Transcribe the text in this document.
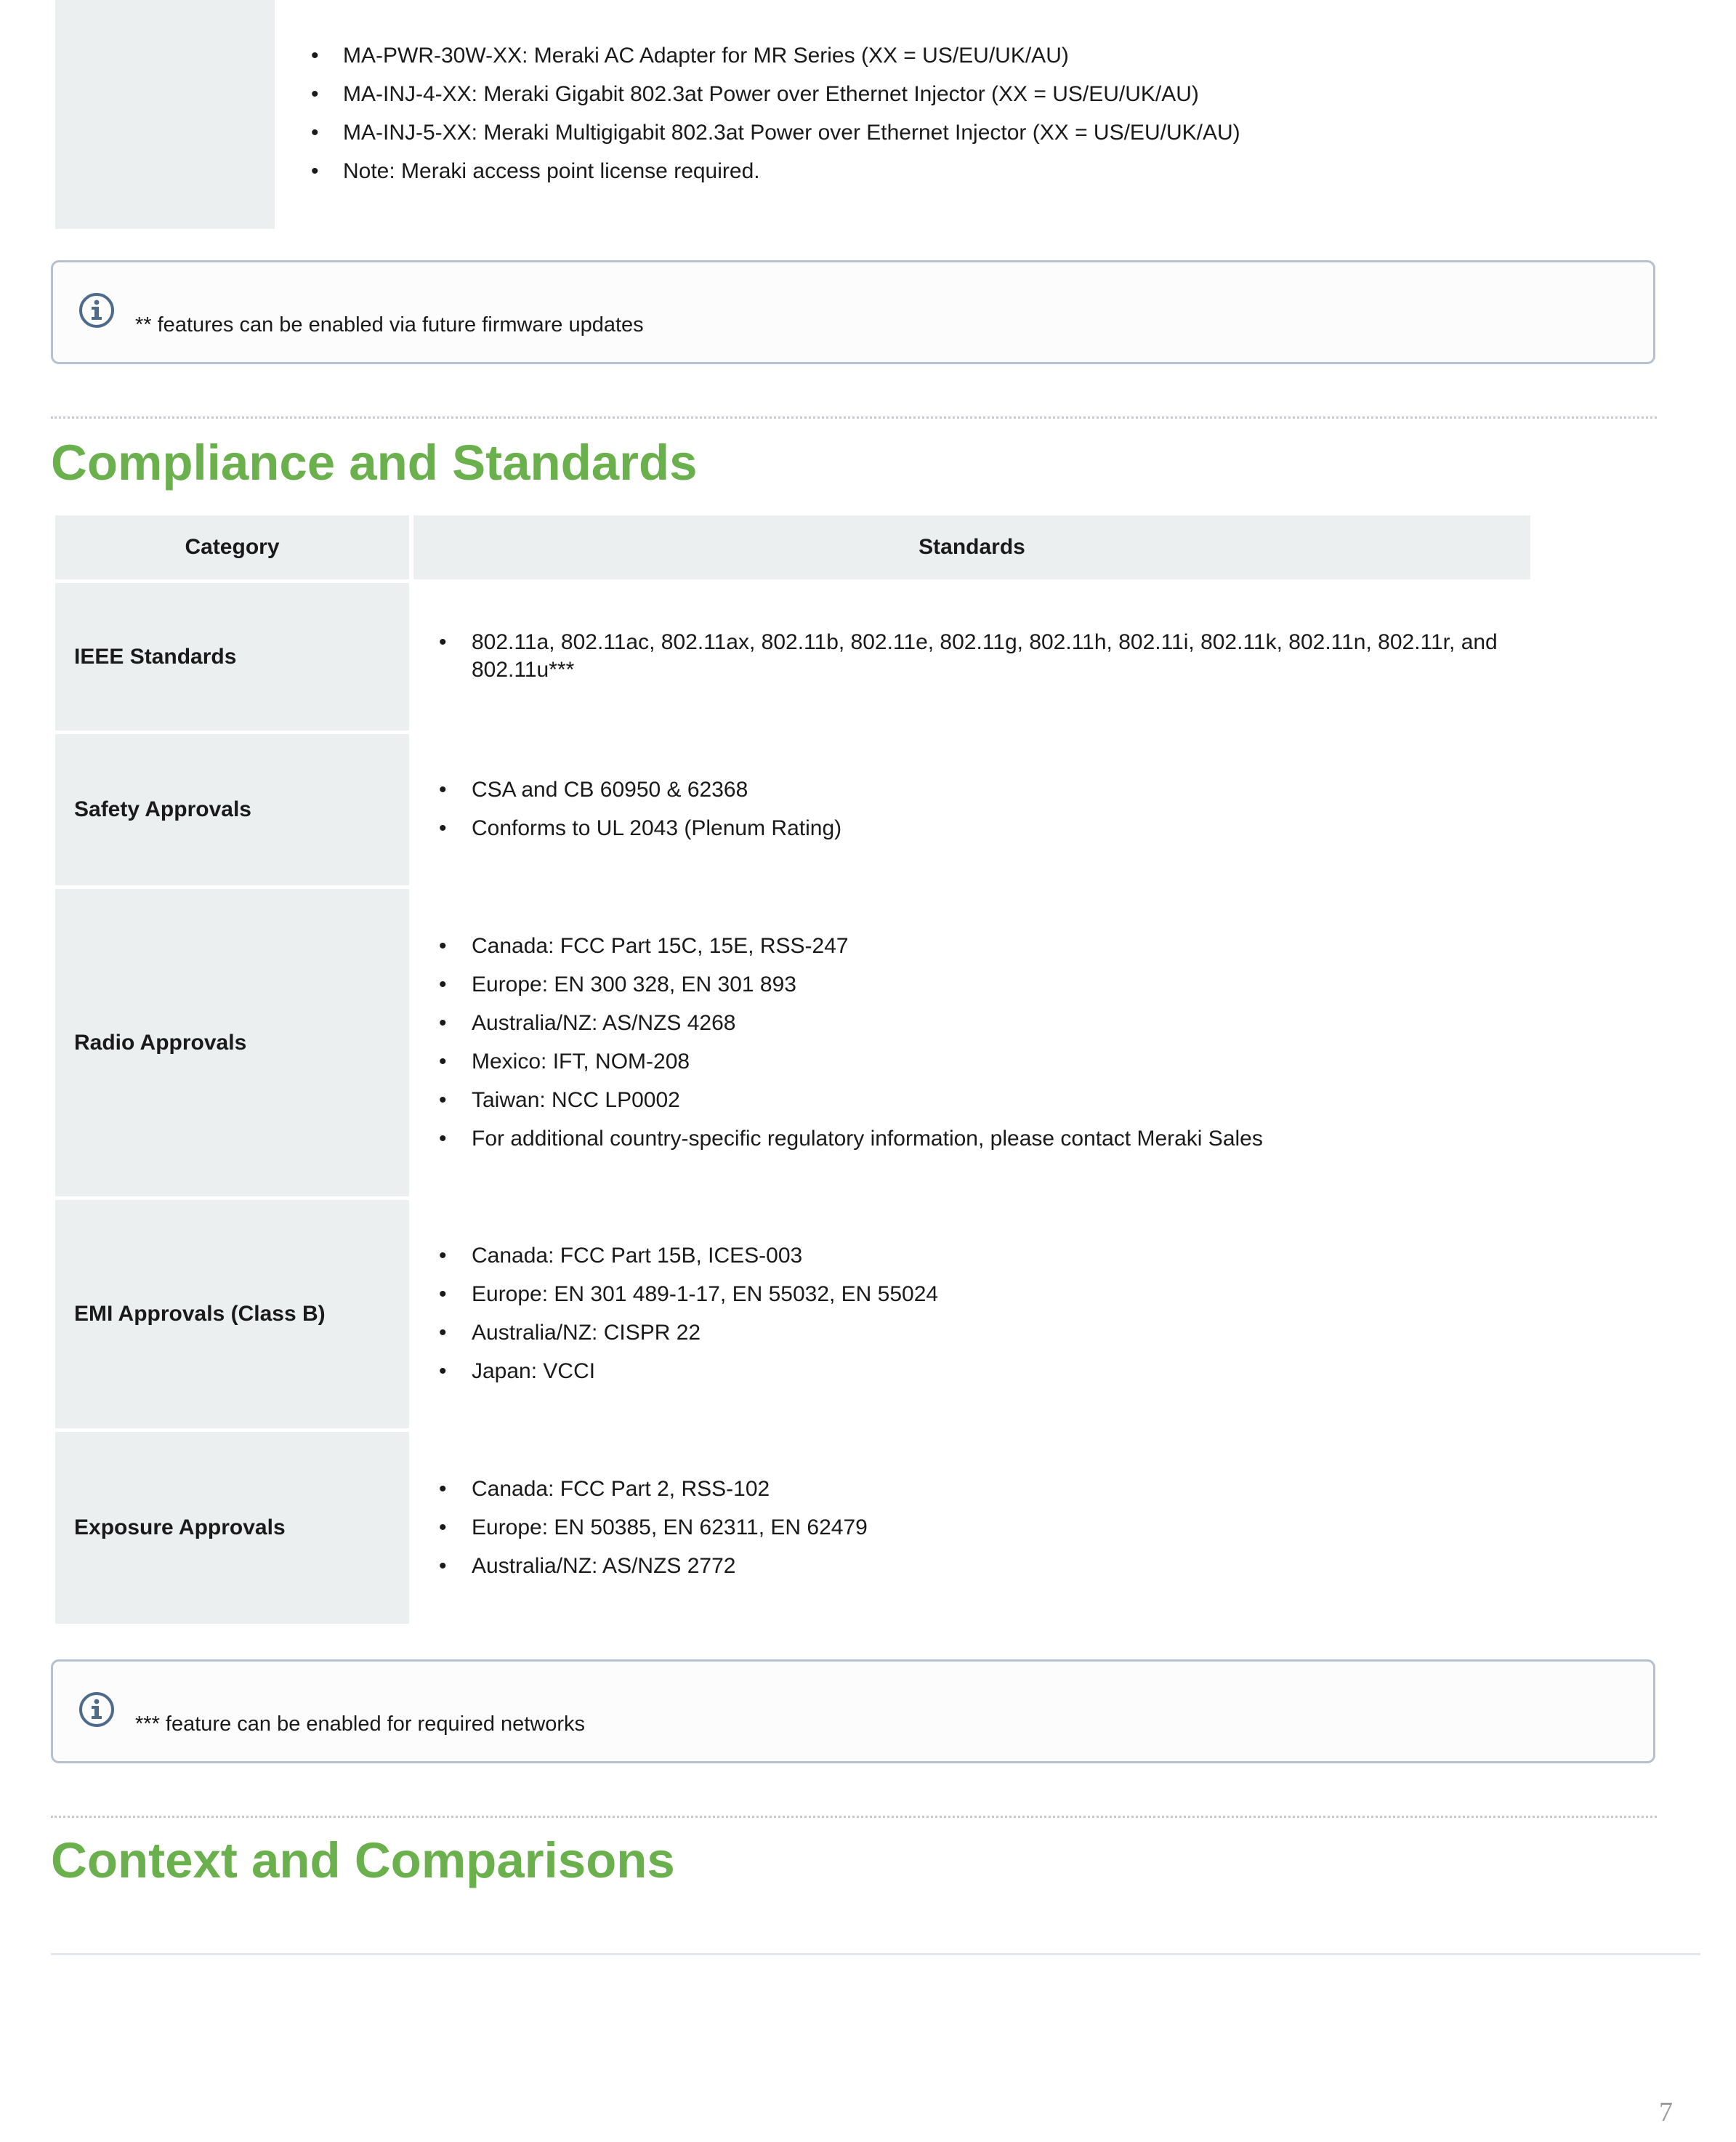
• MA-PWR-30W-XX: Meraki AC Adapter for MR Series (XX = US/EU/UK/AU)
• MA-INJ-4-XX: Meraki Gigabit 802.3at Power over Ethernet Injector (XX = US/EU/UK/AU)
• MA-INJ-5-XX: Meraki Multigigabit 802.3at Power over Ethernet Injector (XX = US/EU/UK/AU)
• Note: Meraki access point license required.
** features can be enabled via future firmware updates
Compliance and Standards
Category	Standards
IEEE Standards
• 802.11a, 802.11ac, 802.11ax, 802.11b, 802.11e, 802.11g, 802.11h, 802.11i, 802.11k, 802.11n, 802.11r, and 802.11u***
Safety Approvals
• CSA and CB 60950 & 62368
• Conforms to UL 2043 (Plenum Rating)
Radio Approvals
• Canada: FCC Part 15C, 15E, RSS-247
• Europe: EN 300 328, EN 301 893
• Australia/NZ: AS/NZS 4268
• Mexico: IFT, NOM-208
• Taiwan: NCC LP0002
• For additional country-specific regulatory information, please contact Meraki Sales
EMI Approvals (Class B)
• Canada: FCC Part 15B, ICES-003
• Europe: EN 301 489-1-17, EN 55032, EN 55024
• Australia/NZ: CISPR 22
• Japan: VCCI
Exposure Approvals
• Canada: FCC Part 2, RSS-102
• Europe: EN 50385, EN 62311, EN 62479
• Australia/NZ: AS/NZS 2772
*** feature can be enabled for required networks
Context and Comparisons
7
